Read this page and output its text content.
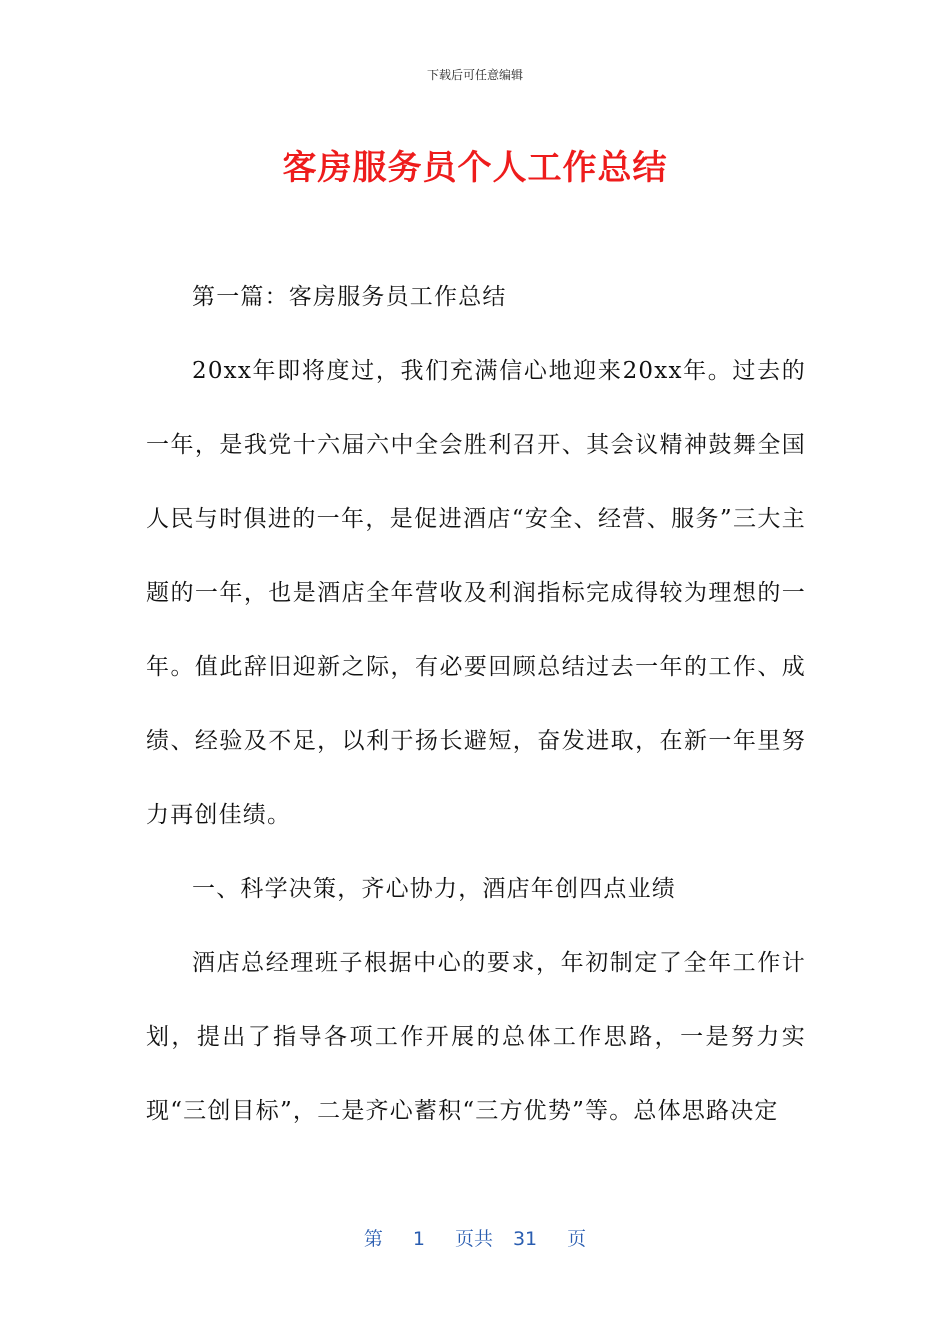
下载后可任意编辑
客房服务员个人工作总结

第一篇：客房服务员工作总结

20xx年即将度过，我们充满信心地迎来20xx年。过去的一年，是我党十六届六中全会胜利召开、其会议精神鼓舞全国人民与时俱进的一年，是促进酒店“安全、经营、服务”三大主题的一年，也是酒店全年营收及利润指标完成得较为理想的一年。值此辞旧迎新之际，有必要回顾总结过去一年的工作、成绩、经验及不足，以利于扬长避短，奋发进取，在新一年里努力再创佳绩。

一、科学决策，齐心协力，酒店年创四点业绩

酒店总经理班子根据中心的要求，年初制定了全年工作计划，提出了指导各项工作开展的总体工作思路，一是努力实现“三创目标”，二是齐心蓄积“三方优势”等。总体思路决定

第 1 页共 31 页
